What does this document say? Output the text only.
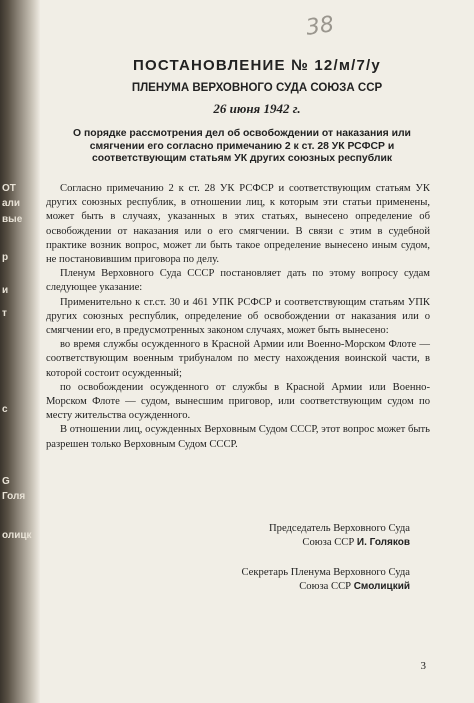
ОТ
али
вые
р
и
т
с
G
Голя
олицк
38
ПОСТАНОВЛЕНИЕ № 12/м/7/у
ПЛЕНУМА ВЕРХОВНОГО СУДА СОЮЗА ССР
26 июня 1942 г.
О порядке рассмотрения дел об освобождении от наказания или смягчении его согласно примечанию 2 к ст. 28 УК РСФСР и соответствующим статьям УК других союзных республик

Согласно примечанию 2 к ст. 28 УК РСФСР и соответствующим статьям УК других союзных республик, в отношении лиц, к которым эти статьи применены, может быть в случаях, указанных в этих статьях, вынесено определение об освобождении от наказания или о его смягчении. В связи с этим в судебной практике возник вопрос, может ли быть такое определение вынесено иным судом, не постановившим приговора по делу.

Пленум Верховного Суда СССР постановляет дать по этому вопросу судам следующее указание:

Применительно к ст.ст. 30 и 461 УПК РСФСР и соответствующим статьям УПК других союзных республик, определение об освобождении от наказания или о смягчении его, в предусмотренных законом случаях, может быть вынесено:

во время службы осужденного в Красной Армии или Военно-Морском Флоте — соответствующим военным трибуналом по месту нахождения воинской части, в которой состоит осужденный;

по освобождении осужденного от службы в Красной Армии или Военно-Морском Флоте — судом, вынесшим приговор, или соответствующим судом по месту жительства осужденного.

В отношении лиц, осужденных Верховным Судом СССР, этот вопрос может быть разрешен только Верховным Судом СССР.

Председатель Верховного Суда
Союза ССР И. Голяков
Секретарь Пленума Верховного Суда
Союза ССР Смолицкий
3
